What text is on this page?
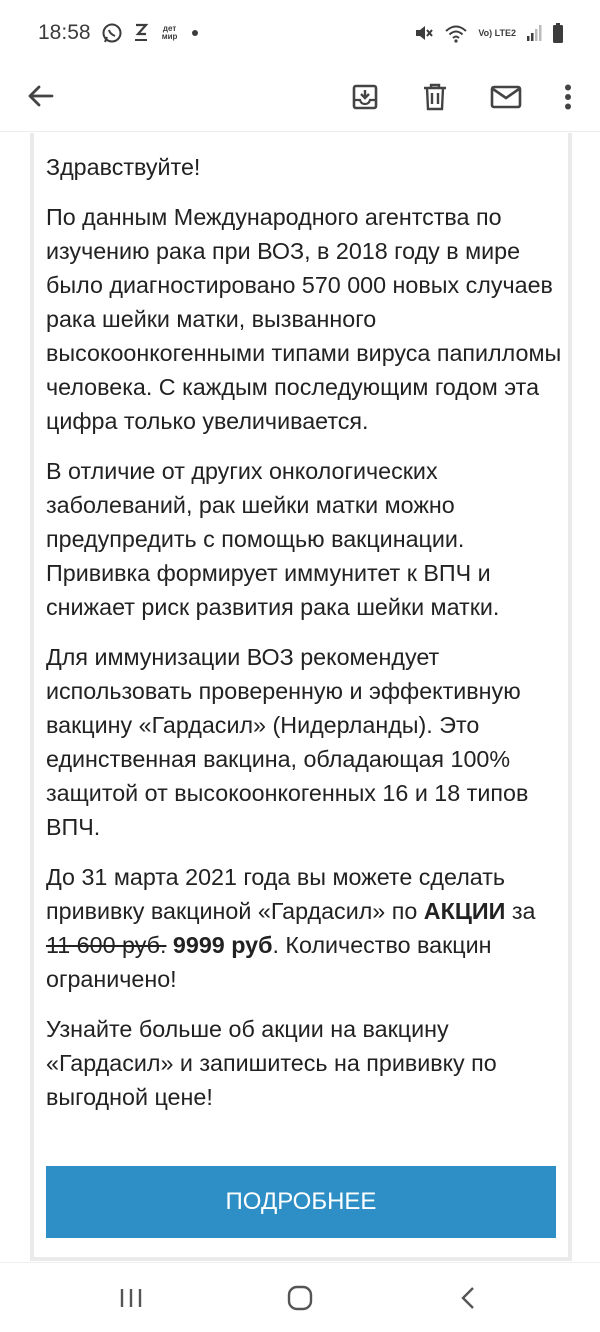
18:58	дет мир	Vo) LTE2

Здравствуйте!

По данным Международного агентства по изучению рака при ВОЗ, в 2018 году в мире было диагностировано 570 000 новых случаев рака шейки матки, вызванного высокоонкогенными типами вируса папилломы человека. С каждым последующим годом эта цифра только увеличивается.

В отличие от других онкологических заболеваний, рак шейки матки можно предупредить с помощью вакцинации. Прививка формирует иммунитет к ВПЧ и снижает риск развития рака шейки матки.

Для иммунизации ВОЗ рекомендует использовать проверенную и эффективную вакцину «Гардасил» (Нидерланды). Это единственная вакцина, обладающая 100% защитой от высокоонкогенных 16 и 18 типов ВПЧ.

До 31 марта 2021 года вы можете сделать прививку вакциной «Гардасил» по АКЦИИ за 11 600 руб. 9999 руб. Количество вакцин ограничено!

Узнайте больше об акции на вакцину «Гардасил» и запишитесь на прививку по выгодной цене!

ПОДРОБНЕЕ
